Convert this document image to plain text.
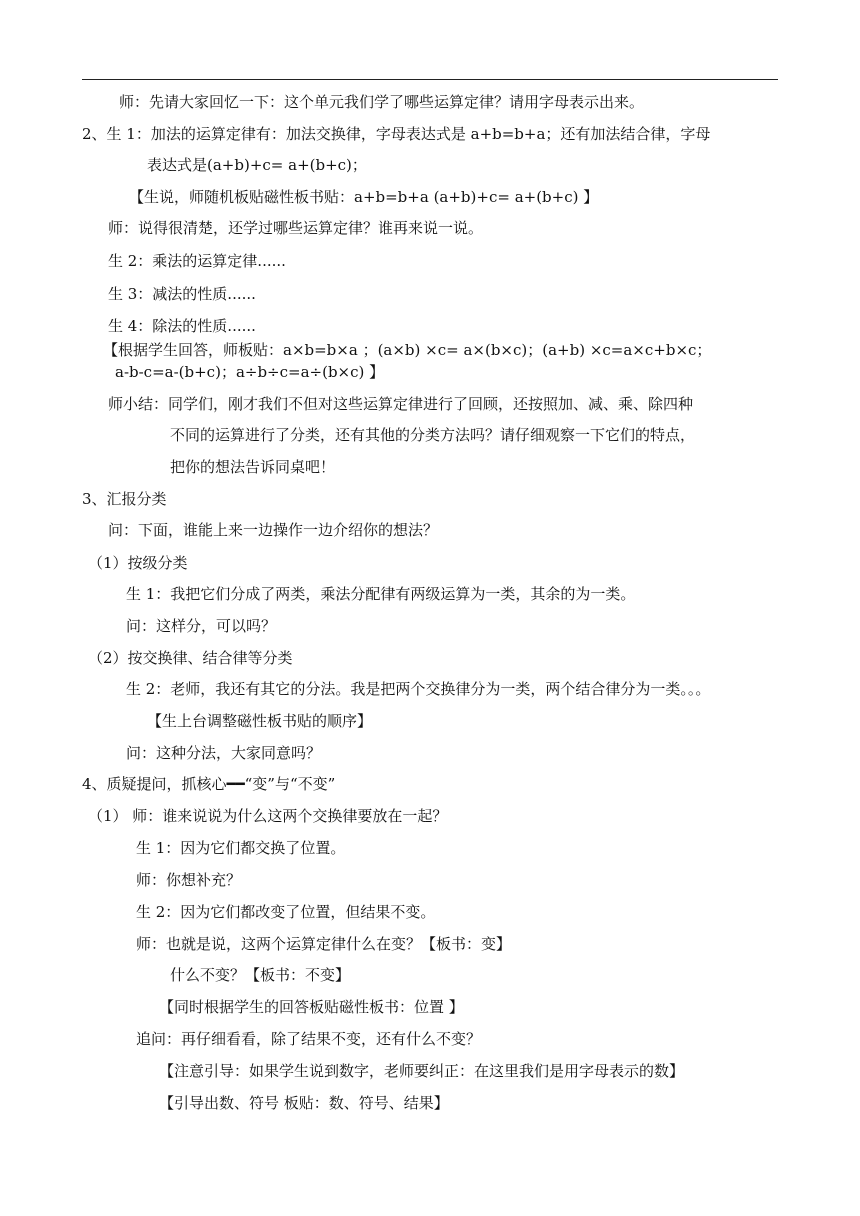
师：先请大家回忆一下：这个单元我们学了哪些运算定律？请用字母表示出来。
2、生 1：加法的运算定律有：加法交换律，字母表达式是 a+b=b+a；还有加法结合律，字母
表达式是(a+b)+c= a+(b+c)；
【生说，师随机板贴磁性板书贴：a+b=b+a (a+b)+c= a+(b+c) 】
师：说得很清楚，还学过哪些运算定律？谁再来说一说。
生 2：乘法的运算定律......
生 3：减法的性质......
生 4：除法的性质......
【根据学生回答，师板贴：a×b=b×a ；(a×b) ×c= a×(b×c)；(a+b) ×c=a×c+b×c；
a-b-c=a-(b+c)；a÷b÷c=a÷(b×c) 】
师小结：同学们，刚才我们不但对这些运算定律进行了回顾，还按照加、减、乘、除四种
不同的运算进行了分类，还有其他的分类方法吗？请仔细观察一下它们的特点，
把你的想法告诉同桌吧！
3、汇报分类
问：下面，谁能上来一边操作一边介绍你的想法？
（1）按级分类
生 1：我把它们分成了两类，乘法分配律有两级运算为一类，其余的为一类。
问：这样分，可以吗？
（2）按交换律、结合律等分类
生 2：老师，我还有其它的分法。我是把两个交换律分为一类，两个结合律分为一类。。。
【生上台调整磁性板书贴的顺序】
问：这种分法，大家同意吗？
4、质疑提问，抓核心━━“变”与“不变”
（1） 师：谁来说说为什么这两个交换律要放在一起？
生 1：因为它们都交换了位置。
师：你想补充？
生 2：因为它们都改变了位置，但结果不变。
师：也就是说，这两个运算定律什么在变？【板书：变】
什么不变？【板书：不变】
【同时根据学生的回答板贴磁性板书：位置 】
追问：再仔细看看，除了结果不变，还有什么不变？
【注意引导：如果学生说到数字，老师要纠正：在这里我们是用字母表示的数】
【引导出数、符号 板贴：数、符号、结果】
